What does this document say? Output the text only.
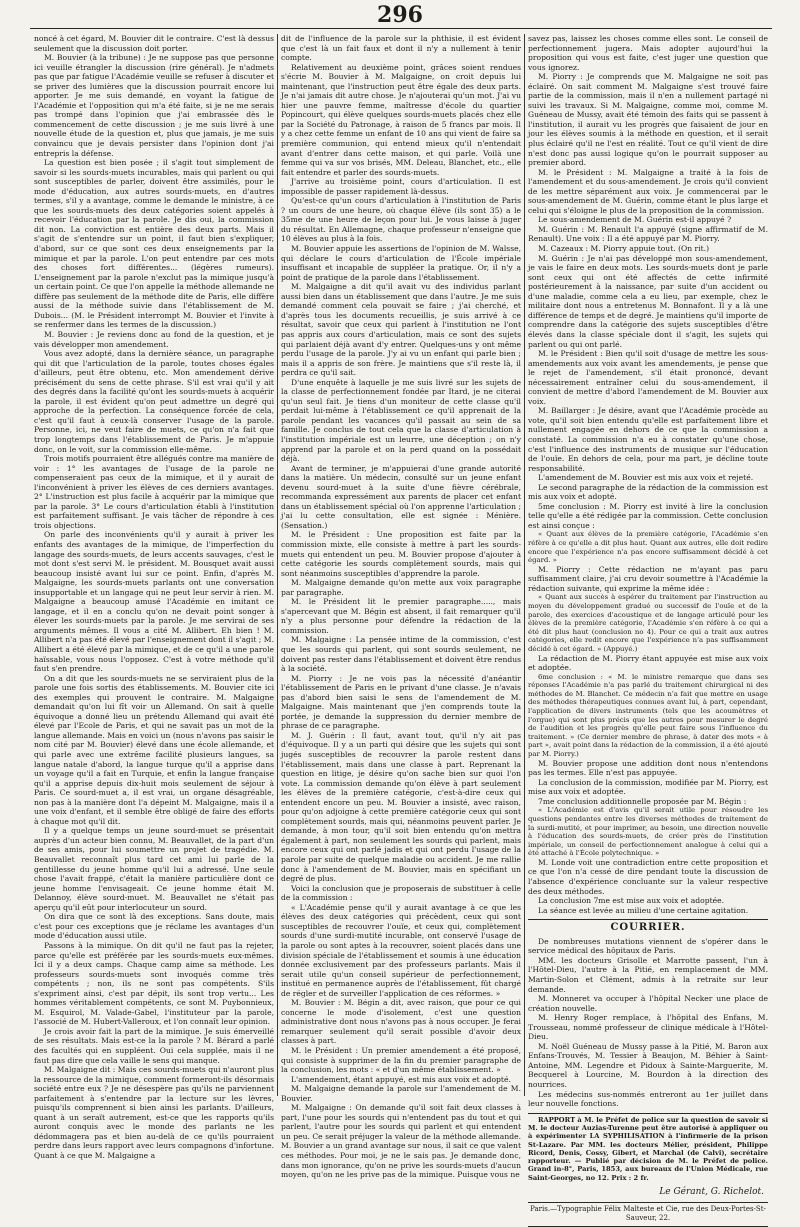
296

noncé à cet égard, M. Bouvier dit le contraire. C'est là dessus seulement que la discussion doit porter.

M. Bouvier (à la tribune) : Je ne suppose pas que personne ici veuille étrangler la discussion (rire général). Je n'admets pas que par fatigue l'Académie veuille se refuser à discuter et se priver des lumières que la discussion pourrait encore lui apporter. Je me suis demandé, en voyant la fatigue de l'Académie et l'opposition qui m'a été faite, si je ne me serais pas trompé dans l'opinion que j'ai embrassée dès le commencement de cette discussion ; je me suis livré à une nouvelle étude de la question et, plus que jamais, je me suis convaincu que je devais persister dans l'opinion dont j'ai entrepris la défense.

La question est bien posée ; il s'agit tout simplement de savoir si les sourds-muets incurables, mais qui parlent ou qui sont susceptibles de parler, doivent être assimilés, pour le mode d'éducation, aux autres sourds-muets, en d'autres termes, s'il y a avantage, comme le demande le ministre, à ce que les sourds-muets des deux catégories soient appelés à recevoir l'éducation par la parole. Je dis oui, la commission dit non. La conviction est entière des deux parts. Mais il s'agit de s'entendre sur un point, il faut bien s'expliquer, d'abord, sur ce que sont ces deux enseignements par la mimique et par la parole. L'on peut entendre par ces mots des choses fort différentes... (légères rumeurs). L'enseignement par la parole n'exclut pas la mimique jusqu'à un certain point. Ce que l'on appelle la méthode allemande ne diffère pas seulement de la méthode dite de Paris, elle diffère aussi de la méthode suivie dans l'établissement de M. Dubois... (M. le Président interrompt M. Bouvier et l'invite à se renfermer dans les termes de la discussion.)

M. Bouvier : Je reviens donc au fond de la question, et je vais développer mon amendement.

Vous avez adopté, dans la dernière séance, un paragraphe qui dit que l'articulation de la parole, toutes choses égales d'ailleurs, peut être obtenu, etc. Mon amendement dérive précisément du sens de cette phrase. S'il est vrai qu'il y ait des degrés dans la facilité qu'ont les sourds-muets à acquérir la parole, il est évident qu'on peut admettre un degré qui approche de la perfection. La conséquence forcée de cela, c'est qu'il faut à ceux-là conserver l'usage de la parole. Personne, ici, ne veut faire de muets, ce qu'on n'a fait que trop longtemps dans l'établissement de Paris. Je m'appuie donc, on le voit, sur la commission elle-même.

Trois motifs pourraient être allégués contre ma manière de voir : 1° les avantages de l'usage de la parole ne compenseraient pas ceux de la mimique, et il y aurait de l'inconvénient à priver les élèves de ces derniers avantages. 2° L'instruction est plus facile à acquérir par la mimique que par la parole. 3° Le cours d'articulation établi à l'institution est parfaitement suffisant. Je vais tâcher de répondre à ces trois objections.

On parle des inconvénients qu'il y aurait à priver les enfants des avantages de la mimique, de l'imperfection du langage des sourds-muets, de leurs accents sauvages, c'est le mot dont s'est servi M. le président. M. Bousquet avait aussi beaucoup insisté avant lui sur ce point. Enfin, d'après M. Malgaigne, les sourds-muets parlants ont une conversation insupportable et un langage qui ne peut leur servir à rien. M. Malgaigne a beaucoup amusé l'Académie en imitant ce langage, et il en a conclu qu'on ne devait point songer à élever les sourds-muets par la parole. Je me servirai de ses arguments mêmes. Il vous a cité M. Allibert. Eh bien ! M. Allibert n'a pas été élevé par l'enseignement dont il s'agit ; M. Allibert a été élevé par la mimique, et de ce qu'il a une parole haïssable, vous nous l'opposez. C'est à votre méthode qu'il faut s'en prendre.

On a dit que les sourds-muets ne se serviraient plus de la parole une fois sortis des établissements. M. Bouvier cite ici des exemples qui prouvent le contraire. M. Malgaigne demandait qu'on lui fît voir un Allemand. On sait à quelle équivoque a donné lieu un prétendu Allemand qui avait été élevé par l'Ecole de Paris, et qui ne savait pas un mot de la langue allemande. Mais en voici un (nous n'avons pas saisir le nom cité par M. Bouvier) élevé dans une école allemande, et qui parle avec une extrême facilité plusieurs langues, sa langue natale d'abord, la langue turque qu'il a apprise dans un voyage qu'il a fait en Turquie, et enfin la langue française qu'il a apprise depuis dix-huit mois seulement de séjour à Paris. Ce sourd-muet a, il est vrai, un organe désagréable, non pas à la manière dont l'a dépeint M. Malgaigne, mais il a une voix d'enfant, et il semble être obligé de faire des efforts à chaque mot qu'il dit.

Il y a quelque temps un jeune sourd-muet se présentait auprès d'un acteur bien connu, M. Beauvallet, de la part d'un de ses amis, pour lui soumettre un projet de tragédie. M. Beauvallet reconnaît plus tard cet ami lui parle de la gentillesse du jeune homme qu'il lui a adressé. Une seule chose l'avait frappé, c'était la manière particulière dont ce jeune homme l'envisageait. Ce jeune homme était M. Delannoy, élève sourd-muet. M. Beauvallet ne s'était pas aperçu qu'il eût pour interlocuteur un sourd.

On dira que ce sont là des exceptions. Sans doute, mais c'est pour ces exceptions que je réclame les avantages d'un mode d'éducation aussi utile.

Passons à la mimique. On dit qu'il ne faut pas la rejeter, parce qu'elle est préférée par les sourds-muets eux-mêmes. Ici il y a deux camps. Chaque camp aime sa méthode. Les professeurs sourds-muets sont invoqués comme très compétents ; non, ils ne sont pas compétents. S'ils s'expriment ainsi, c'est par dépit, ils sont trop vertu... Les hommes véritablement compétents, ce sont M. Puybonnieux, M. Esquirol, M. Valade-Gabel, l'instituteur par la parole, l'associé de M. Hubert-Valleroux, et l'on connaît leur opinion.

Je crois avoir fait la part de la mimique. Je suis émerveillé de ses résultats. Mais est-ce la la parole ? M. Bérard a parlé des facultés qui en suppléent. Oui cela supplée, mais il ne faut pas dire que cela vaille le sens qui manque.

M. Malgaigne dit : Mais ces sourds-muets qui n'auront plus la ressource de la mimique, comment formeront-ils désormais société entre eux ? Je ne désespère pas qu'ils ne parviennent parfaitement à s'entendre par la lecture sur les lèvres, puisqu'ils comprennent si bien ainsi les parlants. D'ailleurs, quant à un seraït autrement, est-ce que les rapports qu'ils auront conquis avec le monde des parlants ne les dédommagera pas et bien au-delà de ce qu'ils pourraient perdre dans leurs rapport avec leurs compagnons d'infortune. Quant à ce que M. Malgaigne a

dit de l'influence de la parole sur la phthisie, il est évident que c'est là un fait faux et dont il n'y a nullement à tenir compte.

Relativement au deuxième point, grâces soient rendues s'écrie M. Bouvier à M. Malgaigne, on croit depuis lui maintenant, que l'instruction peut être égale des deux parts. Je n'ai jamais dit autre chose. Je n'ajouterai qu'un mot. J'ai vu hier une pauvre femme, maîtresse d'école du quartier Popincourt, qui élève quelques sourds-muets placés chez elle par la Société du Patronage, à raison de 5 francs par mois. Il y a chez cette femme un enfant de 10 ans qui vient de faire sa première communion, qui entend mieux qu'il n'entendait avant d'entrer dans cette maison, et qui parle. Voilà une femme qui va sur vos brisés, MM. Deleau, Blanchet, etc., elle fait entendre et parler des sourds-muets.

J'arrive au troisième point, cours d'articulation. Il est impossible de passer rapidement là-dessus.

Qu'est-ce qu'un cours d'articulation à l'institution de Paris ? un cours de une heure, où chaque élève (ils sont 35) a le 35me de une heure de leçon pour lui. Je vous laisse à juger du résultat. En Allemagne, chaque professeur n'enseigne que 10 élèves au plus à la fois.

M. Bouvier appuie les assertions de l'opinion de M. Walsse, qui déclare le cours d'articulation de l'École impériale insuffisant et incapable de suppléer la pratique. Or, il n'y a point de pratique de la parole dans l'établissement.

M. Malgaigne a dit qu'il avait vu des individus parlant aussi bien dans un établissement que dans l'autre. Je me suis demandé comment cela pouvait se faire ; j'ai cherché, et d'après tous les documents recueillis, je suis arrivé à ce résultat, savoir que ceux qui parlent à l'institution ne l'ont pas appris aux cours d'articulation, mais ce sont des sujets qui parlaient déjà avant d'y entrer. Quelques-uns y ont même perdu l'usage de la parole. J'y ai vu un enfant qui parle bien ; mais il a appris de son frère. Je maintiens que s'il reste là, il perdra ce qu'il sait.

D'une enquête à laquelle je me suis livré sur les sujets de la classe de perfectionnement fondée par Itard, je ne citerai qu'un seul fait. Je tiens d'un moniteur de cette classe qu'il perdait lui-même à l'établissement ce qu'il apprenait de la parole pendant les vacances qu'il passait au sein de sa famille. Je conclus de tout cela que la classe d'articulation à l'institution impériale est un leurre, une déception ; on n'y apprend par la parole et on la perd quand on la possédait déjà.

Avant de terminer, je m'appuierai d'une grande autorité dans la matière. Un médecin, consulté sur un jeune enfant devenu sourd-muet à la suite d'une fièvre cérébrale, recommanda expressément aux parents de placer cet enfant dans un établissement spécial où l'on apprenne l'articulation ; j'ai lu cette consultation, elle est signée : Ménière. (Sensation.)

M. le Président : Une proposition est faite par la commission mixte, elle consiste à mettre à part les sourds-muets qui entendent un peu. M. Bouvier propose d'ajouter à cette catégorie les sourds complètement sourds, mais qui sont néanmoins susceptibles d'apprendre la parole.

M. Malgaigne demande qu'on mette aux voix paragraphe par paragraphe.

M. le Président lit le premier paragraphe....., mais s'apercevant que M. Bégin est absent, il fait remarquer qu'il n'y a plus personne pour défendre la rédaction de la commission.

M. Malgaigne : La pensée intime de la commission, c'est que les sourds qui parlent, qui sont sourds seulement, ne doivent pas rester dans l'établissement et doivent être rendus à la société.

M. Piorry : Je ne vois pas la nécessité d'anéantir l'établissement de Paris en le privant d'une classe. Je n'avais pas d'abord bien saisi le sens de l'amendement de M. Malgaigne. Mais maintenant que j'en comprends toute la portée, je demande la suppression du dernier membre de phrase de ce paragraphe.

M. J. Guérin : Il faut, avant tout, qu'il n'y ait pas d'équivoque. Il y a un parti qui désire que les sujets qui sont jugés susceptibles de recouvrer la parole restent dans l'établissement, mais dans une classe à part. Reprenant la question en litige, je désire qu'on sache bien sur quoi l'on vote. La commission demande qu'on élève à part seulement les élèves de la première catégorie, c'est-à-dire ceux qui entendent encore un peu. M. Bouvier a insisté, avec raison, pour qu'on adjoigne à cette première catégorie ceux qui sont complètement sourds, mais qui, néanmoins peuvent parler. Je demande, à mon tour, qu'il soit bien entendu qu'on mettra également à part, non seulement les sourds qui parlent, mais encore ceux qui ont parlé jadis et qui ont perdu l'usage de la parole par suite de quelque maladie ou accident. Je me rallie donc à l'amendement de M. Bouvier, mais en spécifiant un degré de plus.

Voici la conclusion que je proposerais de substituer à celle de la commission :

« L'Académie pense qu'il y aurait avantage à ce que les élèves des deux catégories qui précèdent, ceux qui sont susceptibles de recouvrer l'ouïe, et ceux qui, complètement sourds d'une surdi-mutité incurable, ont conservé l'usage de la parole ou sont aptes à la recouvrer, soient placés dans une division spéciale de l'établissement et soumis à une éducation donnée exclusivement par des professeurs parlants. Mais il serait utile qu'un conseil supérieur de perfectionnement, institué en permanence auprès de l'établissement, fût chargé de régler et de surveiller l'application de ces réformes. »

M. Bouvier : M. Bégin a dit, avec raison, que pour ce qui concerne le mode d'isolement, c'est une question administrative dont nous n'avons pas à nous occuper. Je ferai remarquer seulement qu'il serait possible d'avoir deux classes à part.

M. le Président : Un premier amendement a été proposé, qui consiste à supprimer de la fin du premier paragraphe de la conclusion, les mots : « et d'un même établissement. »

L'amendement, étant appuyé, est mis aux voix et adopté.

M. Malgaigne demande la parole sur l'amendement de M. Bouvier.

M. Malgaigne : On demande qu'il soit fait deux classes à part, l'une pour les sourds qui n'entendent pas du tout et qui parlent, l'autre pour les sourds qui parlent et qui entendent un peu. Ce serait préjuger la valeur de la méthode allemande. M. Bouvier a un grand avantage sur nous, il sait ce que valent ces méthodes. Pour moi, je ne le sais pas. Je demande donc, dans mon ignorance, qu'on ne prive les sourds-muets d'aucun moyen, qu'on ne les prive pas de la mimique. Puisque vous ne

savez pas, laissez les choses comme elles sont. Le conseil de perfectionnement jugera. Mais adopter aujourd'hui la proposition qui vous est faite, c'est juger une question que vous ignorez.

M. Piorry : Je comprends que M. Malgaigne ne soit pas éclairé. On sait comment M. Malgaigne s'est trouvé faire partie de la commission, mais il n'en a nullement partagé ni suivi les travaux. Si M. Malgaigne, comme moi, comme M. Guéneau de Mussy, avait été témoin des faits qui se passent à l'institution, il aurait vu les progrès que faisaient de jour en jour les élèves soumis à la méthode en question, et il serait plus éclairé qu'il ne l'est en réalité. Tout ce qu'il vient de dire n'est donc pas aussi logique qu'on le pourrait supposer au premier abord.

M. le Président : M. Malgaigne a traité à la fois de l'amendement et du sous-amendement. Je crois qu'il convient de les mettre séparément aux voix. Je commencerai par le sous-amendement de M. Guérin, comme étant le plus large et celui qui s'éloigne le plus de la proposition de la commission.

Le sous-amendement de M. Guérin est-il appuyé ?

M. Guérin : M. Renault l'a appuyé (signe affirmatif de M. Renault). Une voix : Il a été appuyé par M. Piorry.

M. Cazeaux : M. Piorry appuie tout. (On rit.)

M. Guérin : Je n'ai pas développé mon sous-amendement, je vais le faire en deux mots. Les sourds-muets dont je parle sont ceux qui ont été affectés de cette infirmité postérieurement à la naissance, par suite d'un accident ou d'une maladie, comme cela a eu lieu, par exemple, chez le militaire dont nous a entretenus M. Bonnafont. Il y a là une différence de temps et de degré. Je maintiens qu'il importe de comprendre dans la catégorie des sujets susceptibles d'être élevés dans la classe spéciale dont il s'agit, les sujets qui parlent ou qui ont parlé.

M. le Président : Bien qu'il soit d'usage de mettre les sous-amendements aux voix avant les amendements, je pense que le rejet de l'amendement, s'il était prononcé, devant nécessairement entraîner celui du sous-amendement, il convient de mettre d'abord l'amendement de M. Bouvier aux voix.

M. Baillarger : Je désire, avant que l'Académie procède au vote, qu'il soit bien entendu qu'elle est parfaitement libre et nullement engagée en dehors de ce que la commission a constaté. La commission n'a eu à constater qu'une chose, c'est l'influence des instruments de musique sur l'éducation de l'ouïe. En dehors de cela, pour ma part, je décline toute responsabilité.

L'amendement de M. Bouvier est mis aux voix et rejeté.

Le second paragraphe de la rédaction de la commission est mis aux voix et adopté.

5me conclusion : M. Piorry est invité à lire la conclusion telle qu'elle a été rédigée par la commission. Cette conclusion est ainsi conçue :

« Quant aux élèves de la première catégorie, l'Académie s'en réfère à ce qu'elle a dit plus haut. Quant aux autres, elle doit redire encore que l'expérience n'a pas encore suffisamment décidé à cet égard. »

M. Piorry : Cette rédaction ne m'ayant pas paru suffisamment claire, j'ai cru devoir soumettre à l'Académie la rédaction suivante, qui exprime la même idée :

« Quant aux succès à espérer du traitement par l'instruction au moyen du développement gradué ou successif de l'ouïe et de la parole, des exercices d'acoustique et de langage articulé pour les élèves de la première catégorie, l'Académie s'en réfère à ce qui a été dit plus haut (conclusion no 4). Pour ce qui a trait aux autres catégories, elle redit encore que l'expérience n'a pas suffisamment décidé à cet égard. » (Appuyé.)

La rédaction de M. Piorry étant appuyée est mise aux voix et adoptée.

6me conclusion : « M. le ministre remarque que dans ses réponses l'Académie n'a pas parlé du traitement chirurgical ni des méthodes de M. Blanchet. Ce médecin n'a fait que mettre en usage des méthodes thérapeutiques connues avant lui, à part, cependant, l'application de divers instruments (tels que les acoumètres et l'orgue) qui sont plus précis que les autres pour mesurer le degré de l'audition et les progrès qu'elle peut faire sous l'influence du traitement. » (Ce dernier membre de phrase, à dater des mots « à part », avait point dans la rédaction de la commission, il a été ajouté par M. Piorry.)

M. Bouvier propose une addition dont nous n'entendons pas les termes. Elle n'est pas appuyée.

La conclusion de la commission, modifiée par M. Piorry, est mise aux voix et adoptée.

7me conclusion additionnelle proposée par M. Bégin :

« L'Académie est d'avis qu'il serait utile pour résoudre les questions pendantes entre les diverses méthodes de traitement de la surdi-mutité, et pour imprimer, au besoin, une direction nouvelle à l'éducation des sourds-muets, de créer près de l'institution impériale, un conseil de perfectionnement analogue à celui qui a été attaché à l'École polytechnique. »

M. Londe voit une contradiction entre cette proposition et ce que l'on n'a cessé de dire pendant toute la discussion de l'absence d'expérience concluante sur la valeur respective des deux méthodes.

La conclusion 7me est mise aux voix et adoptée.

La séance est levée au milieu d'une certaine agitation.

COURRIER.

De nombreuses mutations viennent de s'opérer dans le service médical des hôpitaux de Paris.

MM. les docteurs Grisolle et Marrotte passent, l'un à l'Hôtel-Dieu, l'autre à la Pitié, en remplacement de MM. Martin-Solon et Clément, admis à la retraite sur leur demande.

M. Monneret va occuper à l'hôpital Necker une place de création nouvelle.

M. Henry Roger remplace, à l'hôpital des Enfans, M. Trousseau, nommé professeur de clinique médicale à l'Hôtel-Dieu.

M. Noël Guéneau de Mussy passe à la Pitié, M. Baron aux Enfans-Trouvés, M. Tessier à Beaujon, M. Béhier à Saint-Antoine, MM. Legendre et Pidoux à Sainte-Marguerite, M. Becquerel à Lourcine, M. Bourdon à la direction des nourrices.

Les médecins sus-nommés entreront au 1er juillet dans leur nouvelle fonctions.

RAPPORT à M. le Préfet de police sur la question de savoir si M. le docteur Auzias-Turenne peut être autorisé à appliquer ou à expérimenter LA SYPHILISATION à l'infirmerie de la prison St-Lazare. Par MM. les docteurs Mélier, président, Philippe Ricord, Denis, Cossy, Gibert, et Marchal (de Calvi), secrétaire rapporteur. — Publié par décision de M. le Préfet de police. Grand in-8°, Paris, 1853, aux bureaux de l'Union Médicale, rue Saint-Georges, no 12. Prix : 2 fr.

Le Gérant, G. Richelot.
Paris.—Typographie Félix Malteste et Cie, rue des Deux-Portes-St-Sauveur, 22.
